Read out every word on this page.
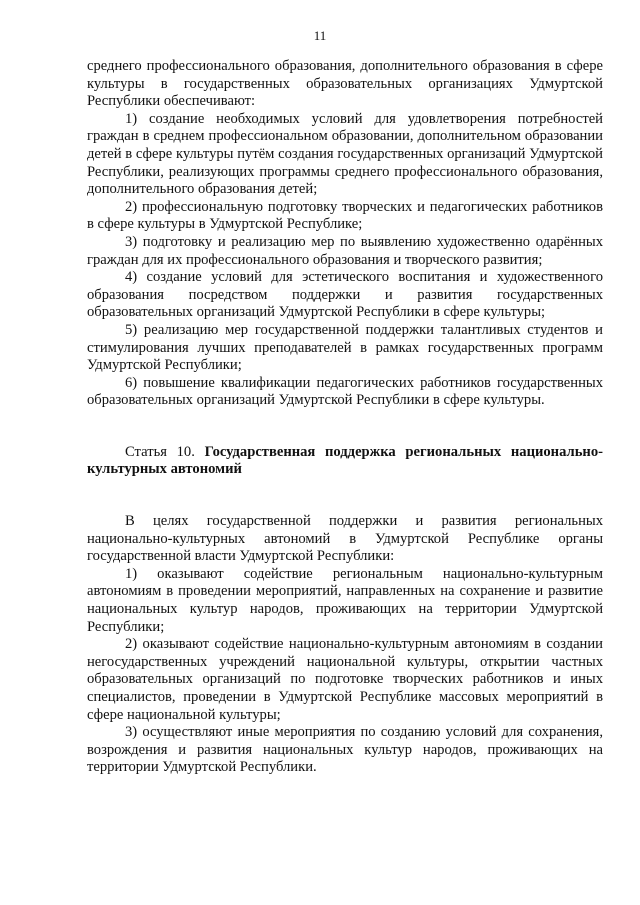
11

среднего профессионального образования, дополнительного образования в сфере культуры в государственных образовательных организациях Удмуртской Республики обеспечивают:

1) создание необходимых условий для удовлетворения потребностей граждан в среднем профессиональном образовании, дополнительном образовании детей в сфере культуры путём создания государственных организаций Удмуртской Республики, реализующих программы среднего профессионального образования, дополнительного образования детей;

2) профессиональную подготовку творческих и педагогических работников в сфере культуры в Удмуртской Республике;

3) подготовку и реализацию мер по выявлению художественно одарённых граждан для их профессионального образования и творческого развития;

4) создание условий для эстетического воспитания и художественного образования посредством поддержки и развития государственных образовательных организаций Удмуртской Республики в сфере культуры;

5) реализацию мер государственной поддержки талантливых студентов и стимулирования лучших преподавателей в рамках государственных программ Удмуртской Республики;

6) повышение квалификации педагогических работников государственных образовательных организаций Удмуртской Республики в сфере культуры.

Статья 10. Государственная поддержка региональных национально-культурных автономий

В целях государственной поддержки и развития региональных национально-культурных автономий в Удмуртской Республике органы государственной власти Удмуртской Республики:

1) оказывают содействие региональным национально-культурным автономиям в проведении мероприятий, направленных на сохранение и развитие национальных культур народов, проживающих на территории Удмуртской Республики;

2) оказывают содействие национально-культурным автономиям в создании негосударственных учреждений национальной культуры, открытии частных образовательных организаций по подготовке творческих работников и иных специалистов, проведении в Удмуртской Республике массовых мероприятий в сфере национальной культуры;

3) осуществляют иные мероприятия по созданию условий для сохранения, возрождения и развития национальных культур народов, проживающих на территории Удмуртской Республики.
